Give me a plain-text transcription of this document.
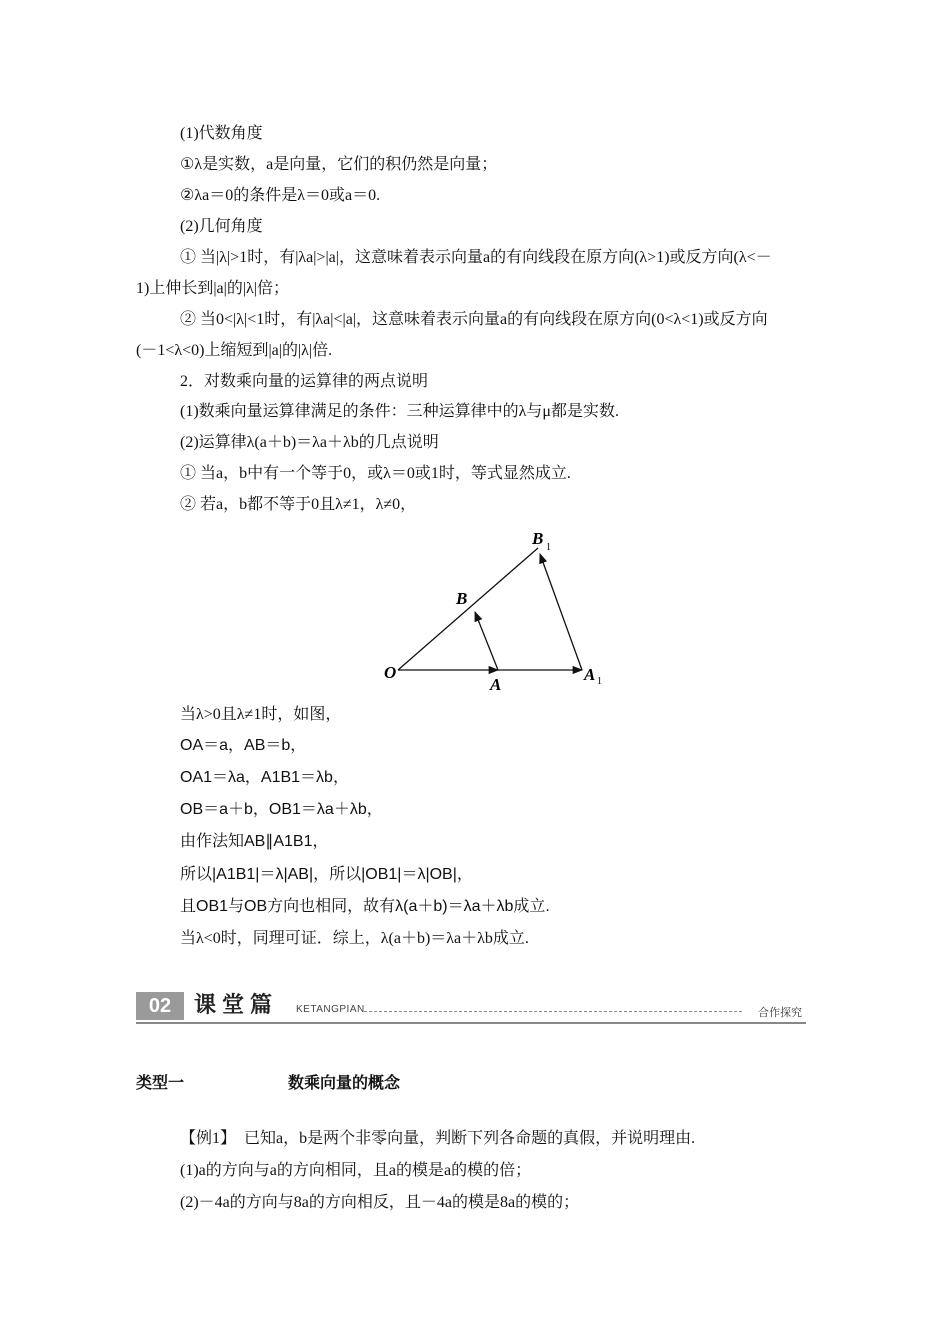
(1)代数角度
①λ是实数，a是向量，它们的积仍然是向量；
②λa＝0的条件是λ＝0或a＝0.
(2)几何角度
① 当|λ|>1时，有|λa|>|a|，这意味着表示向量a的有向线段在原方向(λ>1)或反方向(λ<－
1)上伸长到|a|的|λ|倍；
② 当0<|λ|<1时，有|λa|<|a|，这意味着表示向量a的有向线段在原方向(0<λ<1)或反方向
(－1<λ<0)上缩短到|a|的|λ|倍.
2．对数乘向量的运算律的两点说明
(1)数乘向量运算律满足的条件：三种运算律中的λ与μ都是实数.
(2)运算律λ(a＋b)＝λa＋λb的几点说明
① 当a，b中有一个等于0，或λ＝0或1时，等式显然成立.
② 若a，b都不等于0且λ≠1，λ≠0，
O
A
A 1
B
B 1
当λ>0且λ≠1时，如图，
OA＝a，AB＝b，
OA1＝λa，A1B1＝λb，
OB＝a＋b，OB1＝λa＋λb，
由作法知AB∥A1B1，
所以|A1B1|＝λ|AB|，所以|OB1|＝λ|OB|，
且OB1与OB方向也相同，故有λ(a＋b)＝λa＋λb成立.
当λ<0时，同理可证．综上，λ(a＋b)＝λa＋λb成立.
02	课堂篇 KETANGPIAN	合作探究
类型一	数乘向量的概念
【例1】　已知a，b是两个非零向量，判断下列各命题的真假，并说明理由.
(1)a的方向与a的方向相同，且a的模是a的模的倍；
(2)－4a的方向与8a的方向相反，且－4a的模是8a的模的；
